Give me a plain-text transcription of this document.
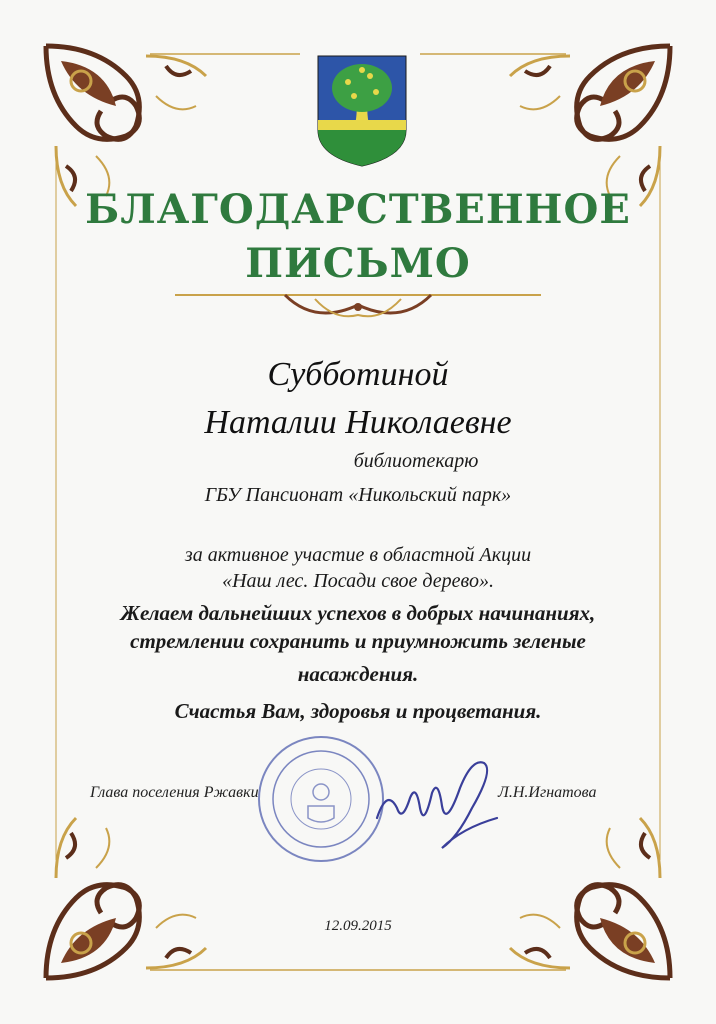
БЛАГОДАРСТВЕННОЕ
ПИСЬМО
Субботиной
Наталии Николаевне
библиотекарю
ГБУ Пансионат «Никольский парк»
за активное участие в областной Акции
«Наш лес. Посади свое дерево».
Желаем дальнейших успехов в добрых начинаниях,
стремлении сохранить и приумножить зеленые
насаждения.
Счастья Вам, здоровья и процветания.
Глава поселения Ржавки	Л.Н.Игнатова
12.09.2015
